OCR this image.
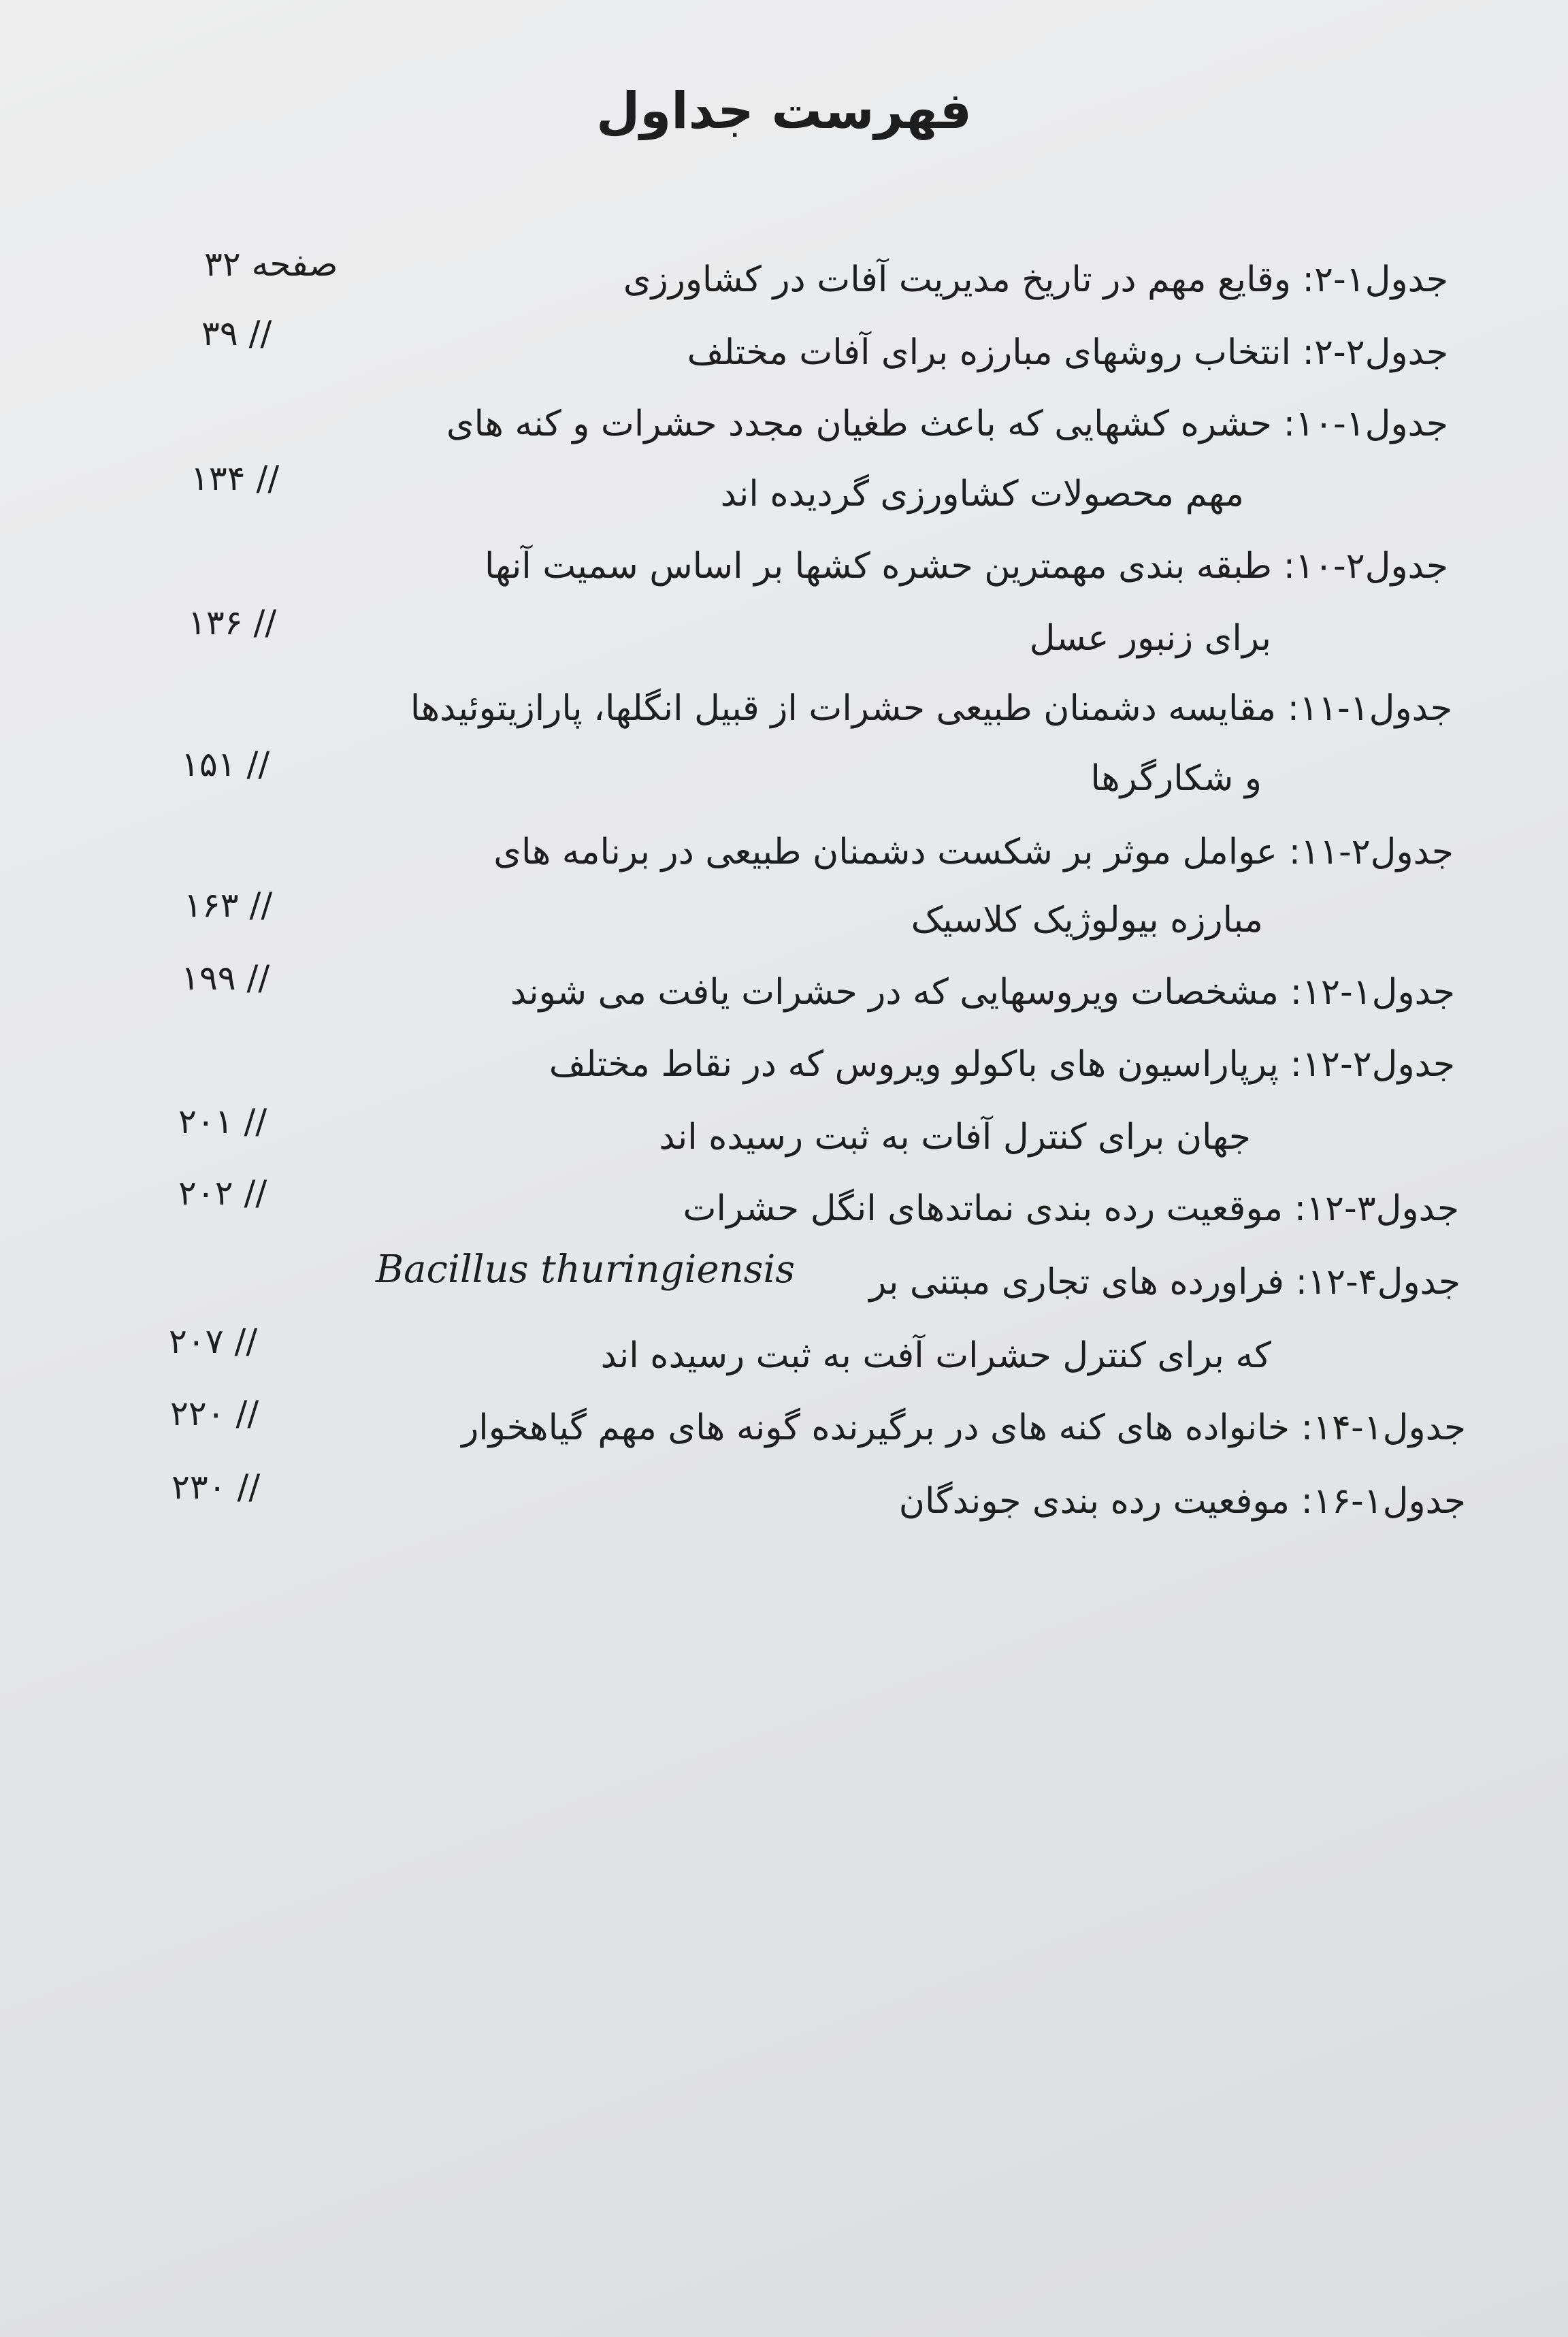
فهرست جداول
جدول۱-۲: وقایع مهم در تاریخ مدیریت آفات در کشاورزی
صفحه ۳۲
جدول۲-۲: انتخاب روشهای مبارزه برای آفات مختلف
// ۳۹
جدول۱-۱۰: حشره کشهایی که باعث طغیان مجدد حشرات و کنه های
مهم محصولات کشاورزی گردیده اند
// ۱۳۴
جدول۲-۱۰: طبقه بندی مهمترین حشره کشها بر اساس سمیت آنها
برای زنبور عسل
// ۱۳۶
جدول۱-۱۱: مقایسه دشمنان طبیعی حشرات از قبیل انگلها، پارازیتوئیدها
و شکارگرها
// ۱۵۱
جدول۲-۱۱: عوامل موثر بر شکست دشمنان طبیعی در برنامه های
مبارزه بیولوژیک کلاسیک
// ۱۶۳
جدول۱-۱۲: مشخصات ویروسهایی که در حشرات یافت می شوند
// ۱۹۹
جدول۲-۱۲: پرپاراسیون های باکولو ویروس که در نقاط مختلف
جهان برای کنترل آفات به ثبت رسیده اند
// ۲۰۱
جدول۳-۱۲: موقعیت رده بندی نماتدهای انگل حشرات
// ۲۰۲
جدول۴-۱۲: فراورده های تجاری مبتنی بر
Bacillus thuringiensis
که برای کنترل حشرات آفت به ثبت رسیده اند
// ۲۰۷
جدول۱-۱۴: خانواده های کنه های در برگیرنده گونه های مهم گیاهخوار
// ۲۲۰
جدول۱-۱۶: موفعیت رده بندی جوندگان
// ۲۳۰
